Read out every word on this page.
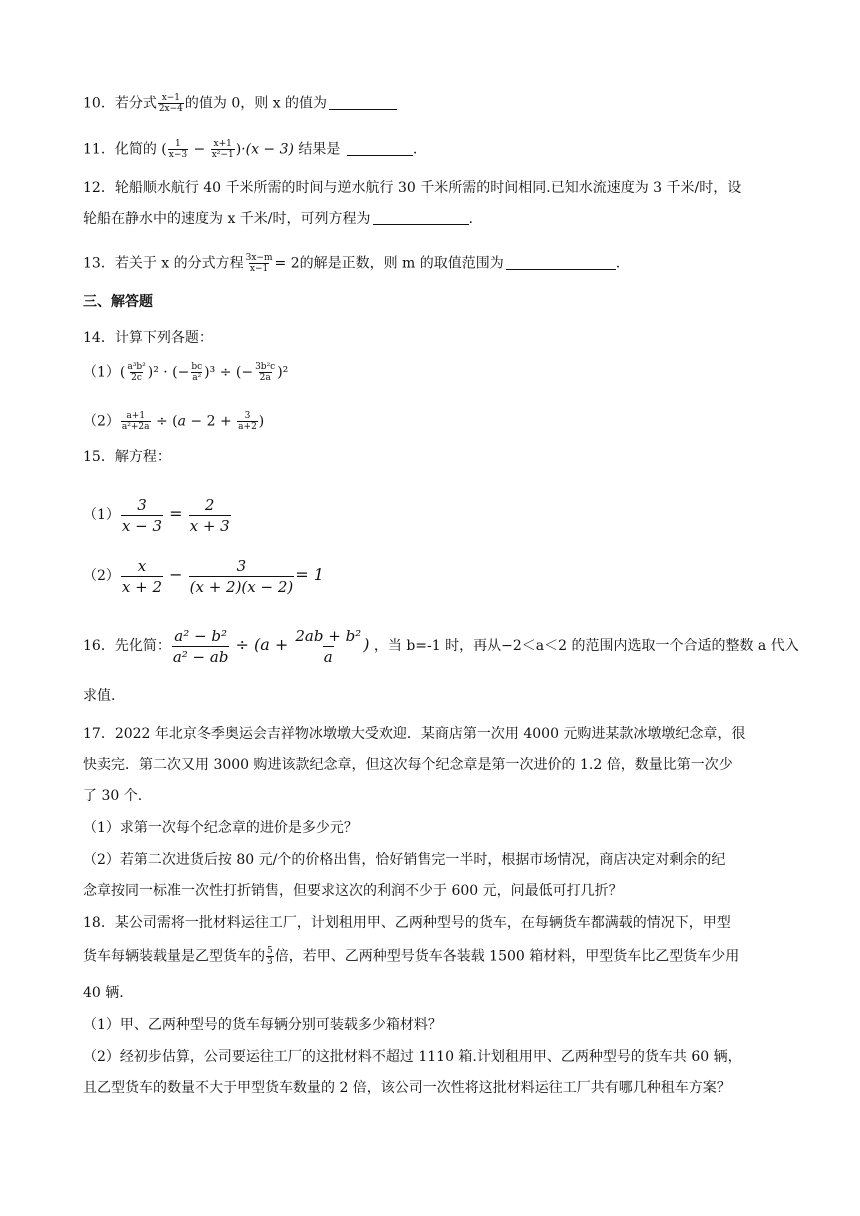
10．若分式 $\frac{x-1}{2x-4}$ 的值为 0，则 x 的值为
11．化简的 ( $\frac{1}{x-3} - \frac{x+1}{\text{x²−1}} )\cdot(x - 3)$ 结果是	.
12．轮船顺水航行 40 千米所需的时间与逆水航行 30 千米所需的时间相同.已知水流速度为 3 千米/时，设
轮船在静水中的速度为 x 千米/时，可列方程为	.
13．若关于 x 的分式方程 $\frac{3x-m}{x-1} = 2$的解是正数，则 m 的取值范围为	.
三、解答题
14．计算下列各题：
$(1)( \frac{\text{a³b²}}{2c} )^2$ · (− $\frac{bc}{\text{a²}} )^3$ ÷ (− $\frac{\text{3b²c}}{2a} )^2$
$(2) \frac{a+1}{\text{a²+2a}} \div (a - 2 + \frac{3}{a+2}$ )
15．解方程：
$(1) \frac{3}{x - 3} = \frac{2}{x + 3}$
$(2) \frac{x}{x + 2} - \frac{3}{(x + 2)(x - 2)} = 1$
16．先化简： $\frac{\text{a² − b²}}{\text{a² − ab}} \div (a + \frac{\text{2ab + b²}}{a}$ ) ，当 b=-1 时，再从−2＜a＜2 的范围内选取一个合适的整数 a 代入
求值.
17．2022 年北京冬季奥运会吉祥物冰墩墩大受欢迎．某商店第一次用 4000 元购进某款冰墩墩纪念章，很
快卖完．第二次又用 3000 购进该款纪念章，但这次每个纪念章是第一次进价的 1.2 倍，数量比第一次少
了 30 个.
（1）求第一次每个纪念章的进价是多少元？
（2）若第二次进货后按 80 元/个的价格出售，恰好销售完一半时，根据市场情况，商店决定对剩余的纪
念章按同一标准一次性打折销售，但要求这次的利润不少于 600 元，问最低可打几折？
18．某公司需将一批材料运往工厂，计划租用甲、乙两种型号的货车，在每辆货车都满载的情况下，甲型
货车每辆装载量是乙型货车的 $\frac{5}{3}$ 倍，若甲、乙两种型号货车各装载 1500 箱材料，甲型货车比乙型货车少用
40 辆.
（1）甲、乙两种型号的货车每辆分别可装载多少箱材料？
（2）经初步估算，公司要运往工厂的这批材料不超过 1110 箱.计划租用甲、乙两种型号的货车共 60 辆，
且乙型货车的数量不大于甲型货车数量的 2 倍，该公司一次性将这批材料运往工厂共有哪几种租车方案？
